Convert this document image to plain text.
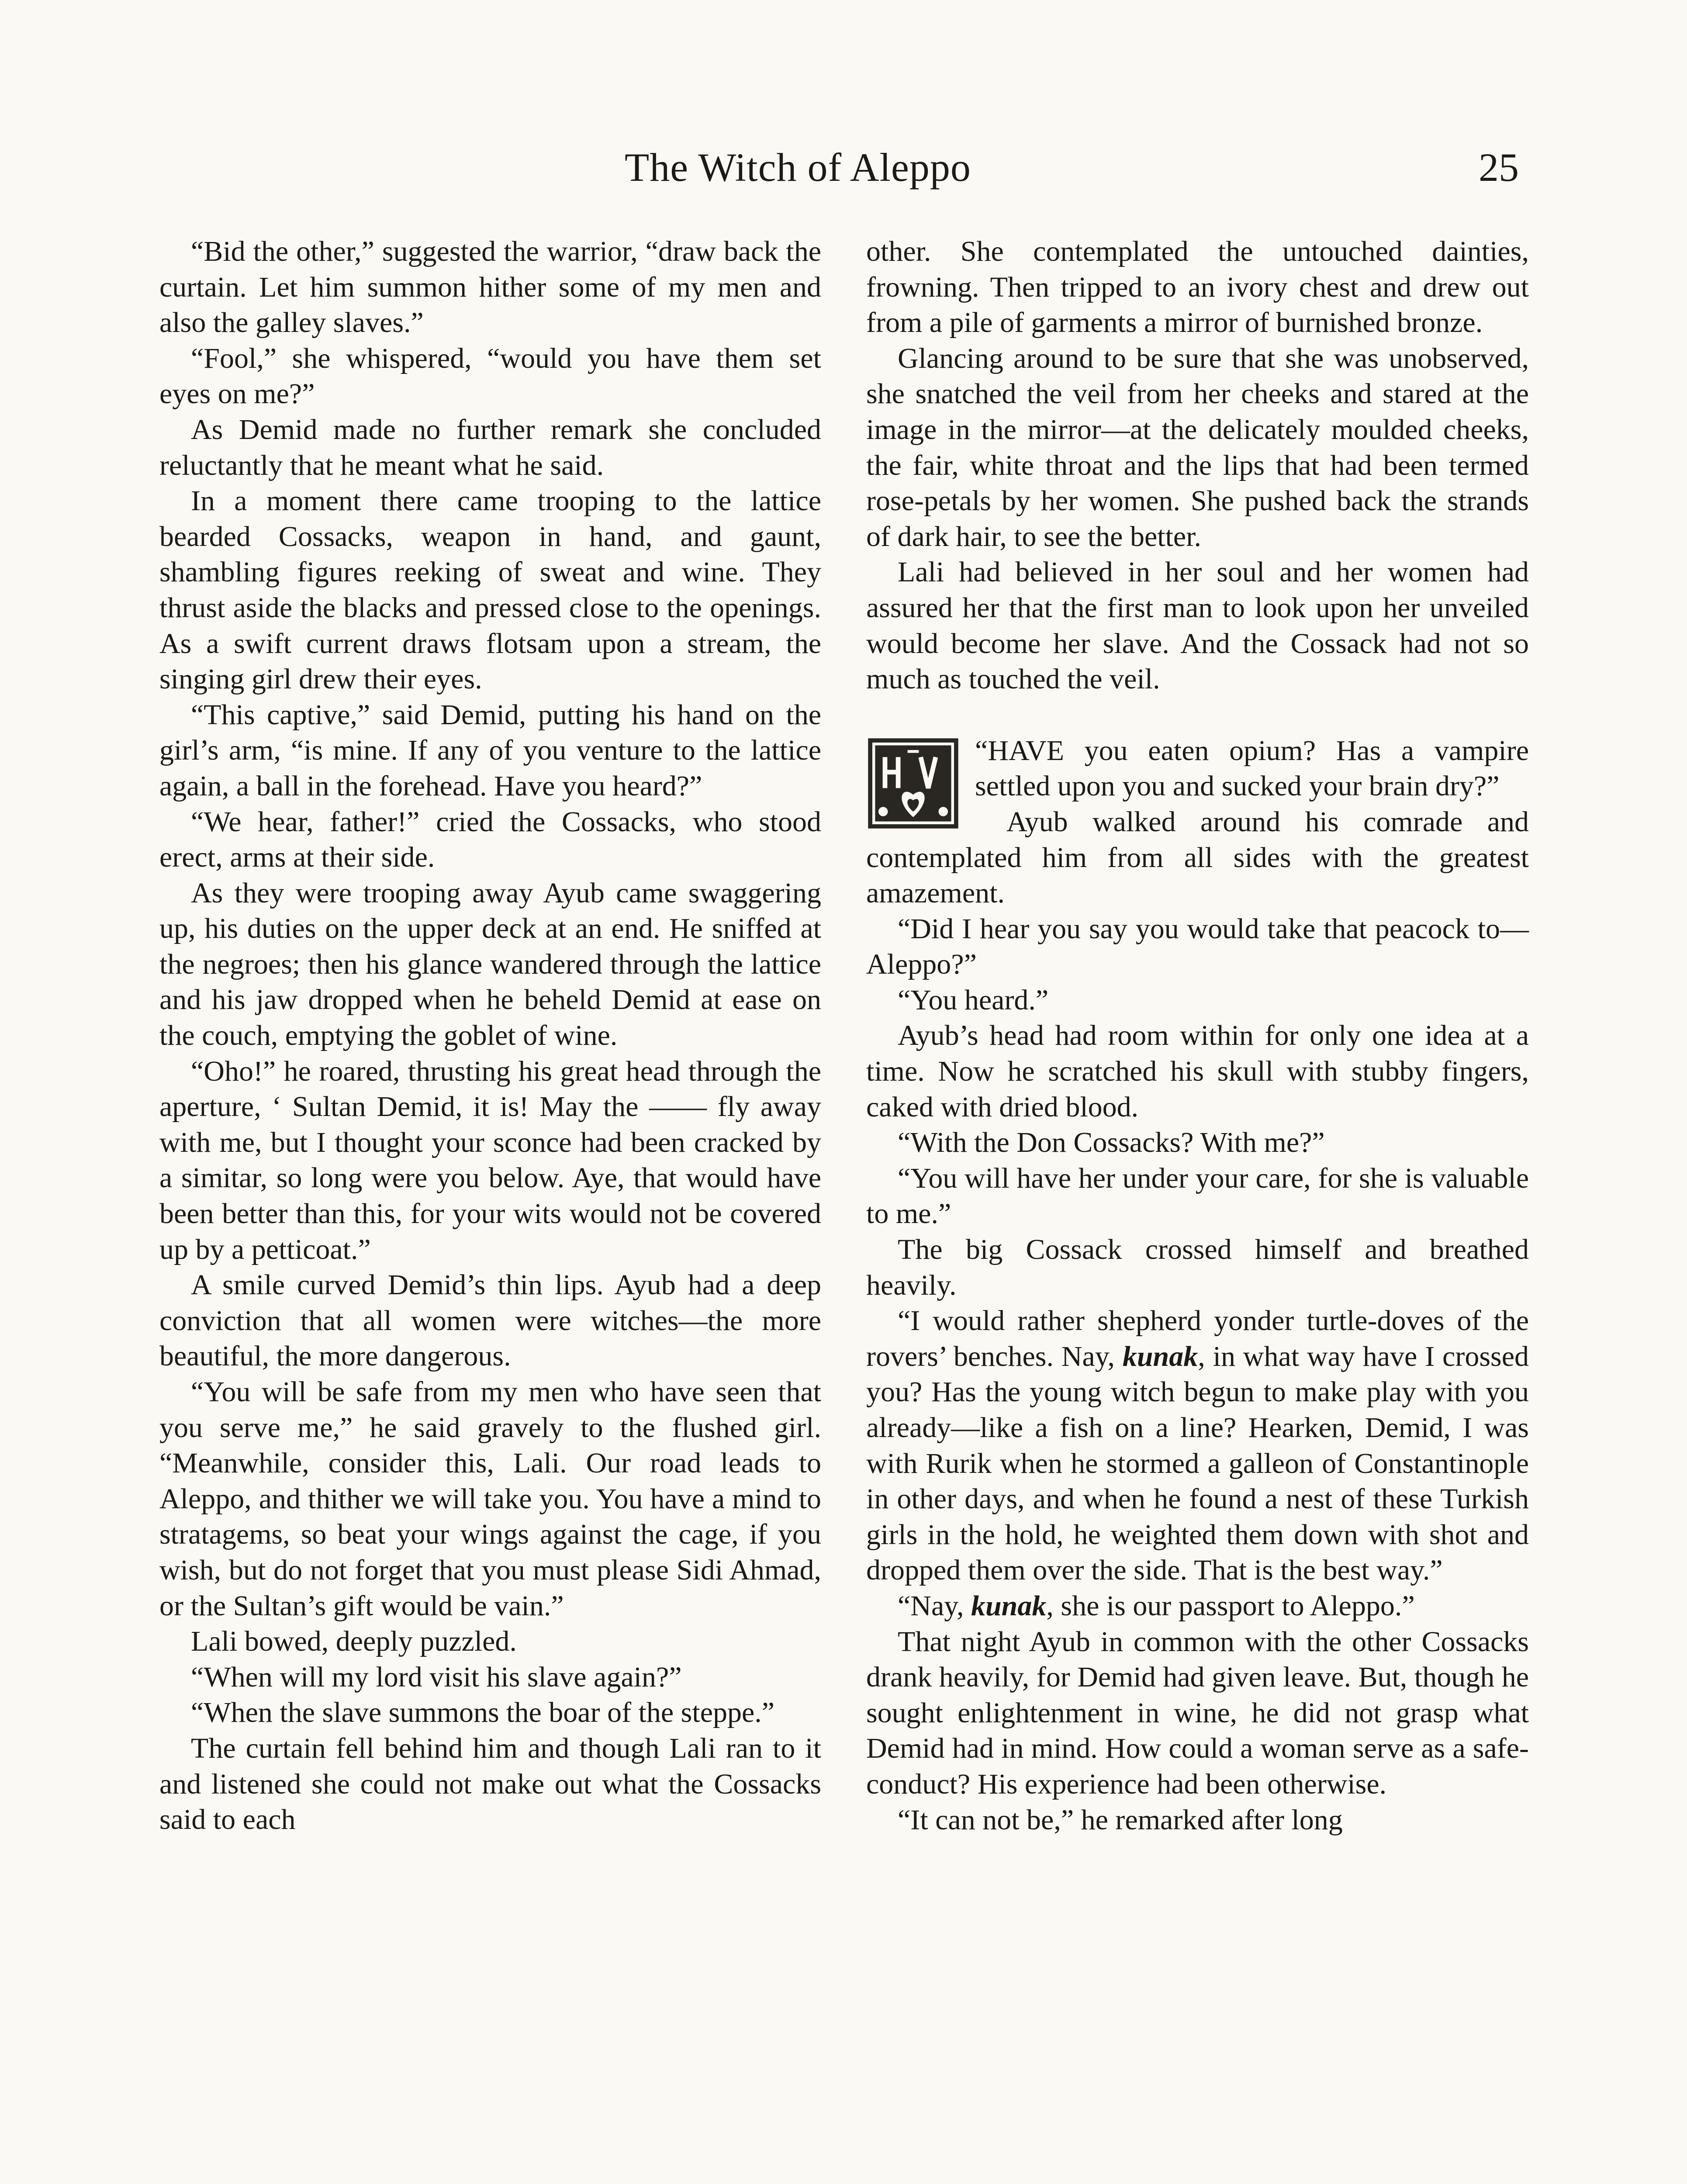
The Witch of Aleppo	25

“Bid the other,” suggested the warrior, “draw back the curtain. Let him summon hither some of my men and also the galley slaves.”

“Fool,” she whispered, “would you have them set eyes on me?”

As Demid made no further remark she concluded reluctantly that he meant what he said.

In a moment there came trooping to the lattice bearded Cossacks, weapon in hand, and gaunt, shambling figures reeking of sweat and wine. They thrust aside the blacks and pressed close to the openings. As a swift current draws flotsam upon a stream, the singing girl drew their eyes.

“This captive,” said Demid, putting his hand on the girl’s arm, “is mine. If any of you venture to the lattice again, a ball in the forehead. Have you heard?”

“We hear, father!” cried the Cossacks, who stood erect, arms at their side.

As they were trooping away Ayub came swaggering up, his duties on the upper deck at an end. He sniffed at the negroes; then his glance wandered through the lattice and his jaw dropped when he beheld Demid at ease on the couch, emptying the goblet of wine.

“Oho!” he roared, thrusting his great head through the aperture, ‘ Sultan Demid, it is! May the —— fly away with me, but I thought your sconce had been cracked by a simitar, so long were you below. Aye, that would have been better than this, for your wits would not be covered up by a petticoat.”

A smile curved Demid’s thin lips. Ayub had a deep conviction that all women were witches—the more beautiful, the more dangerous.

“You will be safe from my men who have seen that you serve me,” he said gravely to the flushed girl. “Meanwhile, consider this, Lali. Our road leads to Aleppo, and thither we will take you. You have a mind to stratagems, so beat your wings against the cage, if you wish, but do not forget that you must please Sidi Ahmad, or the Sultan’s gift would be vain.”

Lali bowed, deeply puzzled.

“When will my lord visit his slave again?”

“When the slave summons the boar of the steppe.”

The curtain fell behind him and though Lali ran to it and listened she could not make out what the Cossacks said to each

other. She contemplated the untouched dainties, frowning. Then tripped to an ivory chest and drew out from a pile of garments a mirror of burnished bronze.

Glancing around to be sure that she was unobserved, she snatched the veil from her cheeks and stared at the image in the mirror—at the delicately moulded cheeks, the fair, white throat and the lips that had been termed rose-petals by her women. She pushed back the strands of dark hair, to see the better.

Lali had believed in her soul and her women had assured her that the first man to look upon her unveiled would become her slave. And the Cossack had not so much as touched the veil.

“HAVE you eaten opium? Has a vampire settled upon you and sucked your brain dry?”

Ayub walked around his comrade and contemplated him from all sides with the greatest amazement.

“Did I hear you say you would take that peacock to—Aleppo?”

“You heard.”

Ayub’s head had room within for only one idea at a time. Now he scratched his skull with stubby fingers, caked with dried blood.

“With the Don Cossacks? With me?”

“You will have her under your care, for she is valuable to me.”

The big Cossack crossed himself and breathed heavily.

“I would rather shepherd yonder turtle-doves of the rovers’ benches. Nay, kunak, in what way have I crossed you? Has the young witch begun to make play with you already—like a fish on a line? Hearken, Demid, I was with Rurik when he stormed a galleon of Constantinople in other days, and when he found a nest of these Turkish girls in the hold, he weighted them down with shot and dropped them over the side. That is the best way.”

“Nay, kunak, she is our passport to Aleppo.”

That night Ayub in common with the other Cossacks drank heavily, for Demid had given leave. But, though he sought enlightenment in wine, he did not grasp what Demid had in mind. How could a woman serve as a safe-conduct? His experience had been otherwise.

“It can not be,” he remarked after long
